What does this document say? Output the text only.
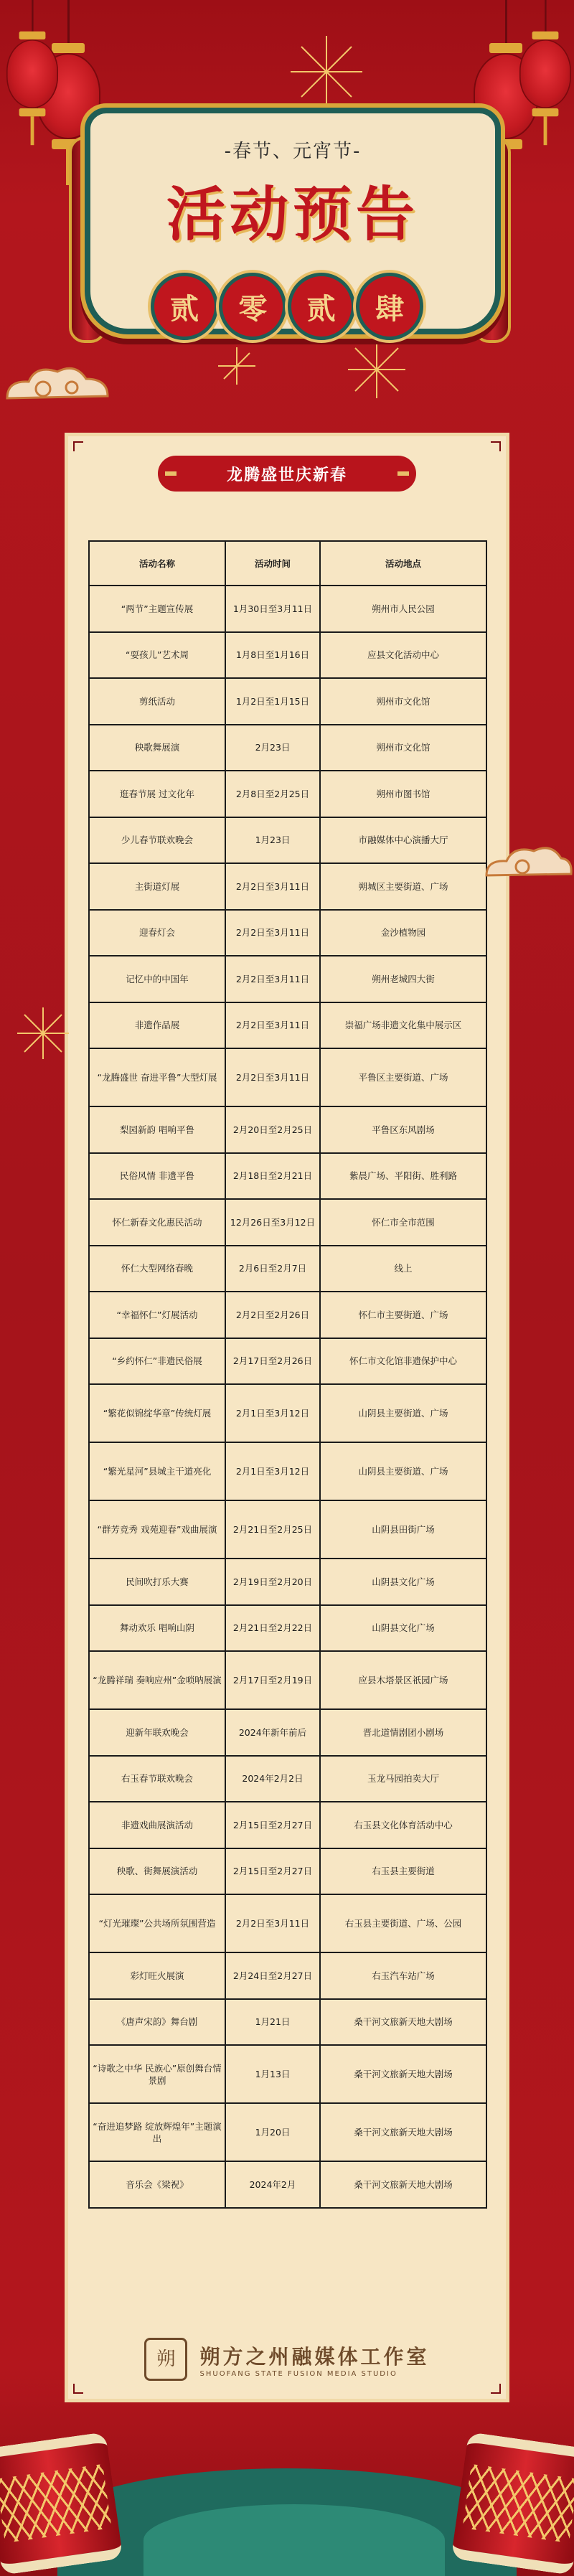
-春节、元宵节-
活动预告
贰	零	贰	肆
龙腾盛世庆新春
活动名称	活动时间	活动地点
“两节”主题宣传展	1月30日至3月11日	朔州市人民公园
“耍孩儿”艺术周	1月8日至1月16日	应县文化活动中心
剪纸活动	1月2日至1月15日	朔州市文化馆
秧歌舞展演	2月23日	朔州市文化馆
逛春节展 过文化年	2月8日至2月25日	朔州市图书馆
少儿春节联欢晚会	1月23日	市融媒体中心演播大厅
主街道灯展	2月2日至3月11日	朔城区主要街道、广场
迎春灯会	2月2日至3月11日	金沙植物园
记忆中的中国年	2月2日至3月11日	朔州老城四大街
非遗作品展	2月2日至3月11日	崇福广场非遗文化集中展示区
“龙腾盛世 奋进平鲁”大型灯展	2月2日至3月11日	平鲁区主要街道、广场
梨园新韵 唱响平鲁	2月20日至2月25日	平鲁区东风剧场
民俗风情 非遗平鲁	2月18日至2月21日	紫晨广场、平阳街、胜利路
怀仁新春文化惠民活动	12月26日至3月12日	怀仁市全市范围
怀仁大型网络春晚	2月6日至2月7日	线上
“幸福怀仁”灯展活动	2月2日至2月26日	怀仁市主要街道、广场
“乡约怀仁”非遗民俗展	2月17日至2月26日	怀仁市文化馆非遗保护中心
“繁花似锦绽华章”传统灯展	2月1日至3月12日	山阴县主要街道、广场
“繁光星河”县城主干道亮化	2月1日至3月12日	山阴县主要街道、广场
“群芳竞秀 戏苑迎春”戏曲展演	2月21日至2月25日	山阴县田街广场
民间吹打乐大赛	2月19日至2月20日	山阴县文化广场
舞动欢乐 唱响山阴	2月21日至2月22日	山阴县文化广场
“龙腾祥瑞 奏响应州”金唢呐展演	2月17日至2月19日	应县木塔景区祇园广场
迎新年联欢晚会	2024年新年前后	晋北道情剧团小剧场
右玉春节联欢晚会	2024年2月2日	玉龙马园拍卖大厅
非遗戏曲展演活动	2月15日至2月27日	右玉县文化体育活动中心
秧歌、街舞展演活动	2月15日至2月27日	右玉县主要街道
“灯光璀璨”公共场所氛围营造	2月2日至3月11日	右玉县主要街道、广场、公园
彩灯旺火展演	2月24日至2月27日	右玉汽车站广场
《唐声宋韵》舞台剧	1月21日	桑干河文旅新天地大剧场
“诗歌之中华 民族心”原创舞台情景剧	1月13日	桑干河文旅新天地大剧场
“奋进追梦路 绽放辉煌年”主题演出	1月20日	桑干河文旅新天地大剧场
音乐会《梁祝》	2024年2月	桑干河文旅新天地大剧场
朔 朔方之州融媒体工作室
SHUOFANG STATE FUSION MEDIA STUDIO
